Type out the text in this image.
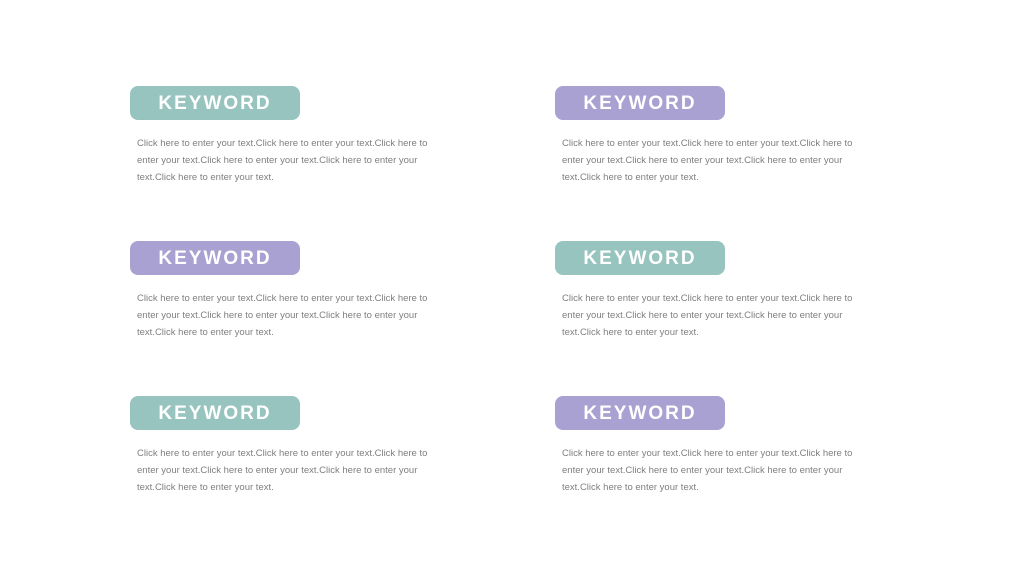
KEYWORD

Click here to enter your text.Click here to enter your text.Click here to enter your text.Click here to enter your text.Click here to enter your text.Click here to enter your text.

KEYWORD

Click here to enter your text.Click here to enter your text.Click here to enter your text.Click here to enter your text.Click here to enter your text.Click here to enter your text.

KEYWORD

Click here to enter your text.Click here to enter your text.Click here to enter your text.Click here to enter your text.Click here to enter your text.Click here to enter your text.

KEYWORD

Click here to enter your text.Click here to enter your text.Click here to enter your text.Click here to enter your text.Click here to enter your text.Click here to enter your text.

KEYWORD

Click here to enter your text.Click here to enter your text.Click here to enter your text.Click here to enter your text.Click here to enter your text.Click here to enter your text.

KEYWORD

Click here to enter your text.Click here to enter your text.Click here to enter your text.Click here to enter your text.Click here to enter your text.Click here to enter your text.
